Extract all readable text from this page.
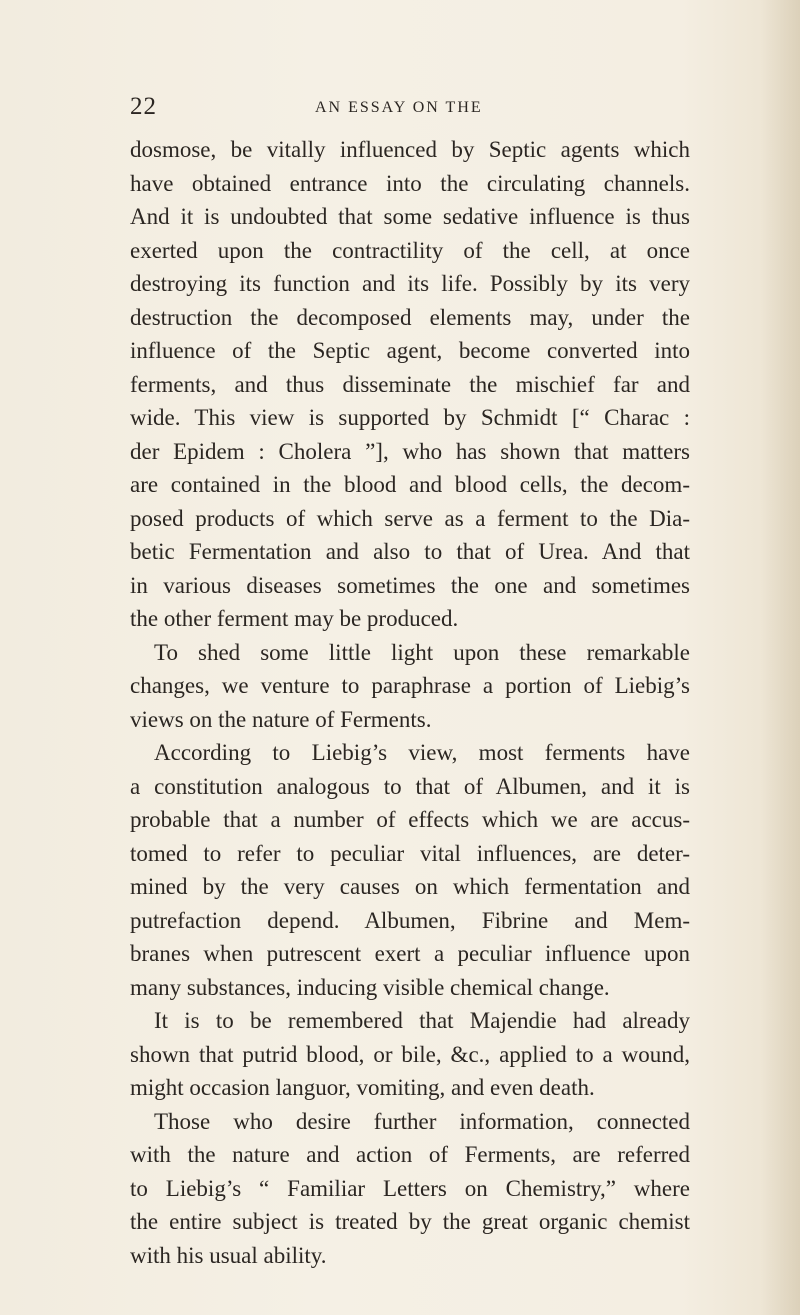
22	AN ESSAY ON THE
dosmose, be vitally influenced by Septic agents which
have obtained entrance into the circulating channels.
And it is undoubted that some sedative influence is thus
exerted upon the contractility of the cell, at once
destroying its function and its life. Possibly by its very
destruction the decomposed elements may, under the
influence of the Septic agent, become converted into
ferments, and thus disseminate the mischief far and
wide. This view is supported by Schmidt [“ Charac :
der Epidem : Cholera ”], who has shown that matters
are contained in the blood and blood cells, the decom-
posed products of which serve as a ferment to the Dia-
betic Fermentation and also to that of Urea. And that
in various diseases sometimes the one and sometimes
the other ferment may be produced.
To shed some little light upon these remarkable
changes, we venture to paraphrase a portion of Liebig’s
views on the nature of Ferments.
According to Liebig’s view, most ferments have
a constitution analogous to that of Albumen, and it is
probable that a number of effects which we are accus-
tomed to refer to peculiar vital influences, are deter-
mined by the very causes on which fermentation and
putrefaction depend. Albumen, Fibrine and Mem-
branes when putrescent exert a peculiar influence upon
many substances, inducing visible chemical change.
It is to be remembered that Majendie had already
shown that putrid blood, or bile, &c., applied to a wound,
might occasion languor, vomiting, and even death.
Those who desire further information, connected
with the nature and action of Ferments, are referred
to Liebig’s “ Familiar Letters on Chemistry,” where
the entire subject is treated by the great organic chemist
with his usual ability.
